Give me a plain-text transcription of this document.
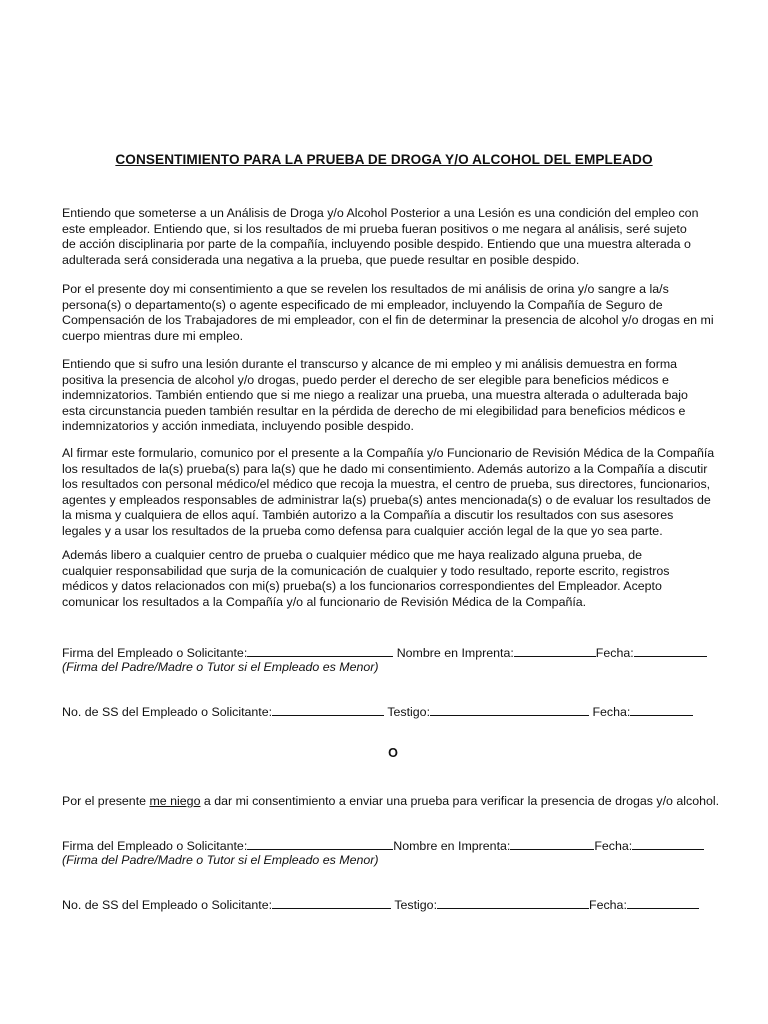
CONSENTIMIENTO PARA LA PRUEBA DE DROGA Y/O ALCOHOL DEL EMPLEADO

Entiendo que someterse a un Análisis de Droga y/o Alcohol Posterior a una Lesión es una condición del empleo con
este empleador. Entiendo que, si los resultados de mi prueba fueran positivos o me negara al análisis, seré sujeto
de acción disciplinaria por parte de la compañía, incluyendo posible despido. Entiendo que una muestra alterada o
adulterada será considerada una negativa a la prueba, que puede resultar en posible despido.

Por el presente doy mi consentimiento a que se revelen los resultados de mi análisis de orina y/o sangre a la/s
persona(s) o departamento(s) o agente especificado de mi empleador, incluyendo la Compañía de Seguro de
Compensación de los Trabajadores de mi empleador, con el fin de determinar la presencia de alcohol y/o drogas en mi
cuerpo mientras dure mi empleo.

Entiendo que si sufro una lesión durante el transcurso y alcance de mi empleo y mi análisis demuestra en forma
positiva la presencia de alcohol y/o drogas, puedo perder el derecho de ser elegible para beneficios médicos e
indemnizatorios. También entiendo que si me niego a realizar una prueba, una muestra alterada o adulterada bajo
esta circunstancia pueden también resultar en la pérdida de derecho de mi elegibilidad para beneficios médicos e
indemnizatorios y acción inmediata, incluyendo posible despido.

Al firmar este formulario, comunico por el presente a la Compañía y/o Funcionario de Revisión Médica de la Compañía
los resultados de la(s) prueba(s) para la(s) que he dado mi consentimiento. Además autorizo a la Compañía a discutir
los resultados con personal médico/el médico que recoja la muestra, el centro de prueba, sus directores, funcionarios,
agentes y empleados responsables de administrar la(s) prueba(s) antes mencionada(s) o de evaluar los resultados de
la misma y cualquiera de ellos aquí. También autorizo a la Compañía a discutir los resultados con sus asesores
legales y a usar los resultados de la prueba como defensa para cualquier acción legal de la que yo sea parte.

Además libero a cualquier centro de prueba o cualquier médico que me haya realizado alguna prueba, de
cualquier responsabilidad que surja de la comunicación de cualquier y todo resultado, reporte escrito, registros
médicos y datos relacionados con mi(s) prueba(s) a los funcionarios correspondientes del Empleador. Acepto
comunicar los resultados a la Compañía y/o al funcionario de Revisión Médica de la Compañía.

Firma del Empleado o Solicitante:	Nombre en Imprenta:	Fecha:
(Firma del Padre/Madre o Tutor si el Empleado es Menor)
No. de SS del Empleado o Solicitante:	Testigo:	Fecha:
O
Por el presente me niego a dar mi consentimiento a enviar una prueba para verificar la presencia de drogas y/o alcohol.
Firma del Empleado o Solicitante:	Nombre en Imprenta:	Fecha:
(Firma del Padre/Madre o Tutor si el Empleado es Menor)
No. de SS del Empleado o Solicitante:	Testigo:	Fecha:
